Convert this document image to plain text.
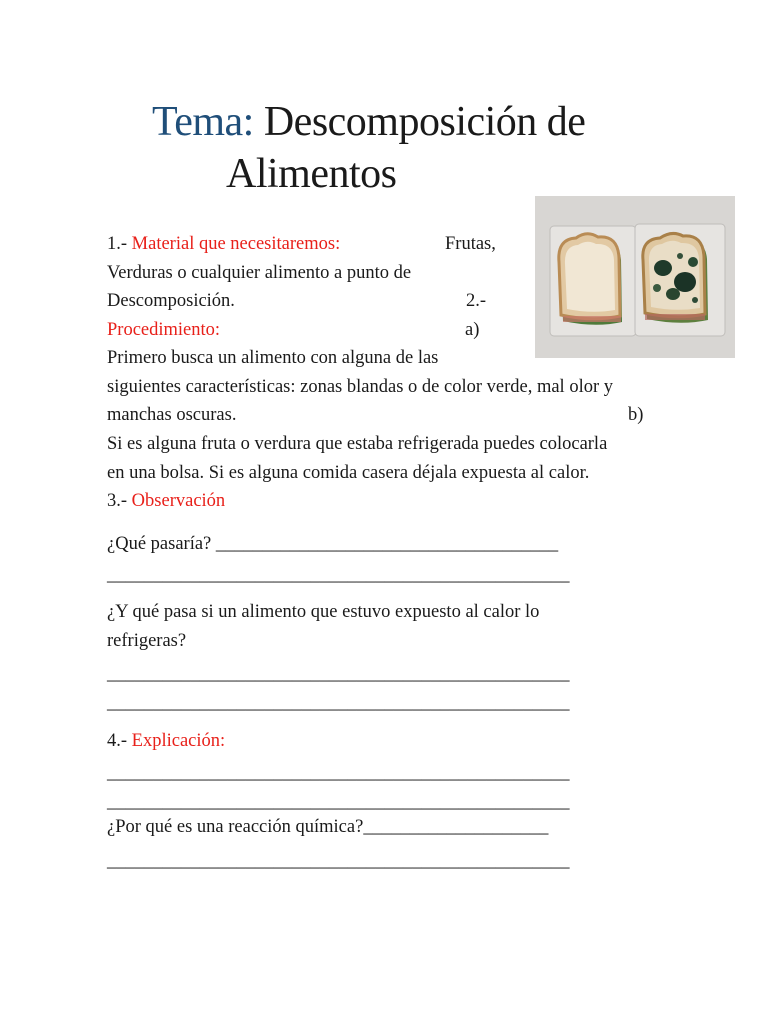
Tema: Descomposición de
Alimentos
1.- Material que necesitaremos:	Frutas,
Verduras o cualquier alimento a punto de
Descomposición.	2.-
Procedimiento:	a)
Primero busca un alimento con alguna de las
siguientes características: zonas blandas o de color verde, mal olor y
manchas oscuras.	b)
Si es alguna fruta o verdura que estaba refrigerada puedes colocarla
en una bolsa. Si es alguna comida casera déjala expuesta al calor.
3.- Observación
¿Qué pasaría? _____________________________________
__________________________________________________
¿Y qué pasa si un alimento que estuvo expuesto al calor lo
refrigeras?
__________________________________________________
__________________________________________________
4.- Explicación:
__________________________________________________
__________________________________________________
¿Por qué es una reacción química?____________________
__________________________________________________
